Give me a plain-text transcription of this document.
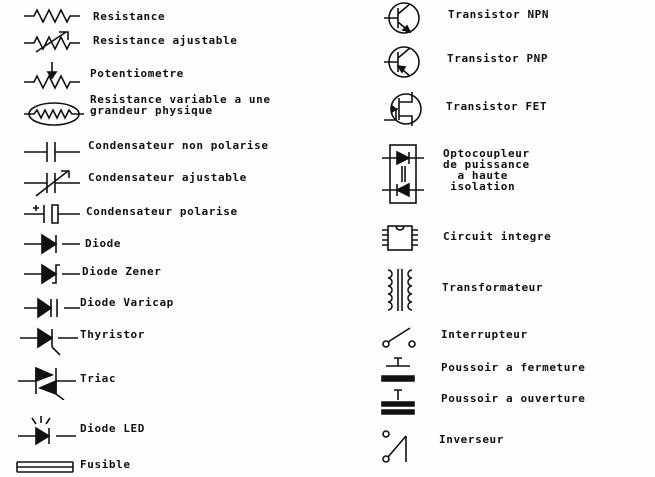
Resistance
Resistance ajustable
Potentiometre
Resistance variable a une
grandeur physique
Condensateur non polarise
Condensateur ajustable
Condensateur polarise
Diode
Diode Zener
Diode Varicap
Thyristor
Triac
Diode LED
Fusible
Transistor NPN
Transistor PNP
Transistor FET
Optocoupleur
de puissance
a haute
isolation
Circuit integre
Transformateur
Interrupteur
Poussoir a fermeture
Poussoir a ouverture
Inverseur
